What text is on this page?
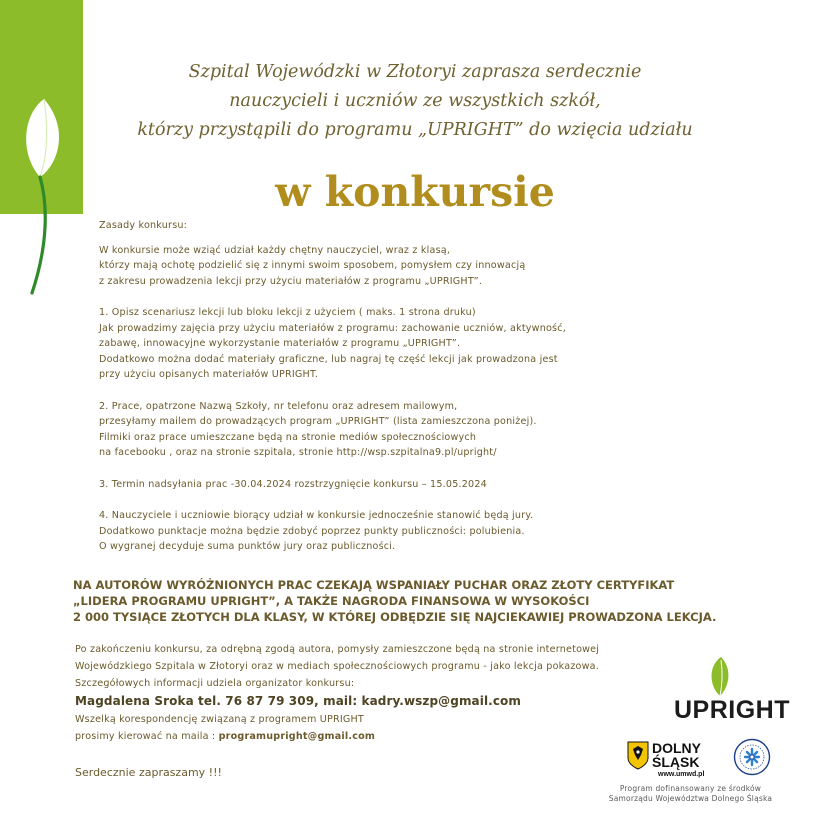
Szpital Wojewódzki w Złotoryi zaprasza serdecznie
nauczycieli i uczniów ze wszystkich szkół,
którzy przystąpili do programu „UPRIGHT” do wzięcia udziału
w konkursie
Zasady konkursu:
W konkursie może wziąć udział każdy chętny nauczyciel, wraz z klasą,
którzy mają ochotę podzielić się z innymi swoim sposobem, pomysłem czy innowacją
z zakresu prowadzenia lekcji przy użyciu materiałów z programu „UPRIGHT”.
1. Opisz scenariusz lekcji lub bloku lekcji z użyciem ( maks. 1 strona druku)
Jak prowadzimy zajęcia przy użyciu materiałów z programu: zachowanie uczniów, aktywność,
zabawę, innowacyjne wykorzystanie materiałów z programu „UPRIGHT”.
Dodatkowo można dodać materiały graficzne, lub nagraj tę część lekcji jak prowadzona jest
przy użyciu opisanych materiałów UPRIGHT.
2. Prace, opatrzone Nazwą Szkoły, nr telefonu oraz adresem mailowym,
przesyłamy mailem do prowadzących program „UPRIGHT” (lista zamieszczona poniżej).
Filmiki oraz prace umieszczane będą na stronie mediów społecznościowych
na facebooku , oraz na stronie szpitala, stronie http://wsp.szpitalna9.pl/upright/
3. Termin nadsyłania prac -30.04.2024 rozstrzygnięcie konkursu – 15.05.2024
4. Nauczyciele i uczniowie biorący udział w konkursie jednocześnie stanowić będą jury.
Dodatkowo punktacje można będzie zdobyć poprzez punkty publiczności: polubienia.
O wygranej decyduje suma punktów jury oraz publiczności.
NA AUTORÓW WYRÓŻNIONYCH PRAC CZEKAJĄ WSPANIAŁY PUCHAR ORAZ ZŁOTY CERTYFIKAT
„LIDERA PROGRAMU UPRIGHT”, A TAKŻE NAGRODA FINANSOWA W WYSOKOŚCI
2 000 TYSIĄCE ZŁOTYCH DLA KLASY, W KTÓREJ ODBĘDZIE SIĘ NAJCIEKAWIEJ PROWADZONA LEKCJA.
Po zakończeniu konkursu, za odrębną zgodą autora, pomysły zamieszczone będą na stronie internetowej
Wojewódzkiego Szpitala w Złotoryi oraz w mediach społecznościowych programu - jako lekcja pokazowa.
Szczegółowych informacji udziela organizator konkursu:
Magdalena Sroka tel. 76 87 79 309, mail: kadry.wszp@gmail.com
Wszelką korespondencję związaną z programem UPRIGHT
prosimy kierować na maila : programupright@gmail.com
Serdecznie zapraszamy !!!
UPRIGHT
DOLNY
ŚLĄSK
www.umwd.pl
Program dofinansowany ze środków
Samorządu Województwa Dolnego Śląska
